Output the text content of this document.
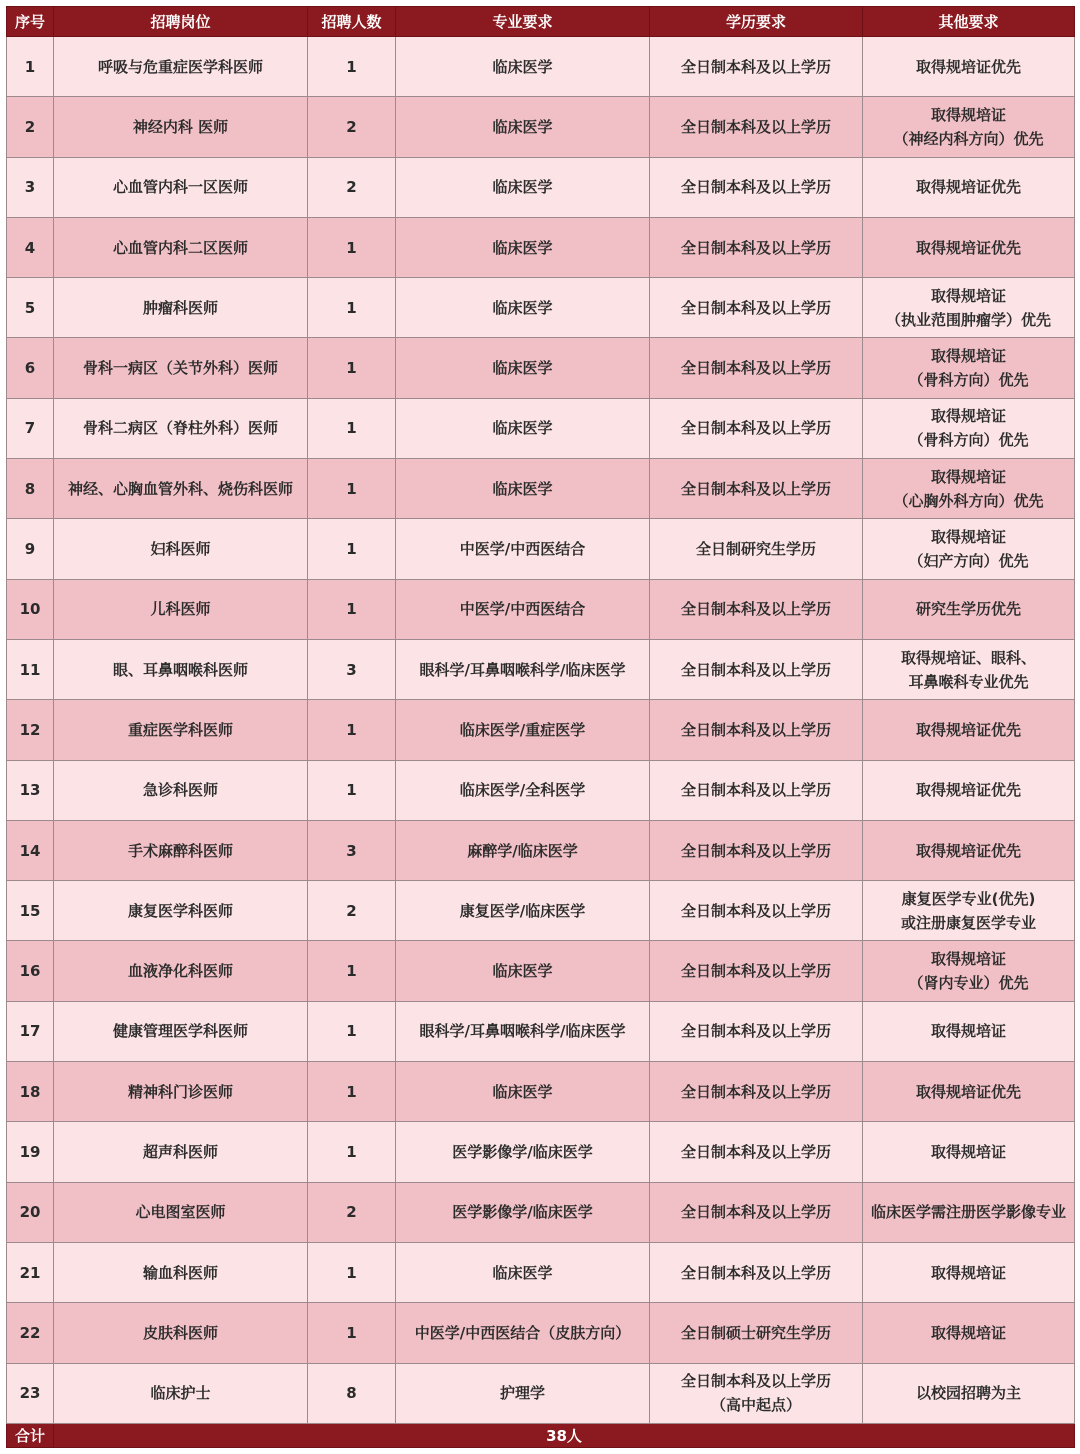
序号	招聘岗位	招聘人数	专业要求	学历要求	其他要求
1	呼吸与危重症医学科医师	1	临床医学	全日制本科及以上学历	取得规培证优先

2	神经内科 医师	2	临床医学	全日制本科及以上学历	取得规培证
（神经内科方向）优先

3	心血管内科一区医师	2	临床医学	全日制本科及以上学历	取得规培证优先

4	心血管内科二区医师	1	临床医学	全日制本科及以上学历	取得规培证优先

5	肿瘤科医师	1	临床医学	全日制本科及以上学历	取得规培证
（执业范围肿瘤学）优先

6	骨科一病区（关节外科）医师	1	临床医学	全日制本科及以上学历	取得规培证
（骨科方向）优先

7	骨科二病区（脊柱外科）医师	1	临床医学	全日制本科及以上学历	取得规培证
（骨科方向）优先

8	神经、心胸血管外科、烧伤科医师	1	临床医学	全日制本科及以上学历	取得规培证
（心胸外科方向）优先

9	妇科医师	1	中医学/中西医结合	全日制研究生学历	取得规培证
（妇产方向）优先

10	儿科医师	1	中医学/中西医结合	全日制本科及以上学历	研究生学历优先

11	眼、耳鼻咽喉科医师	3	眼科学/耳鼻咽喉科学/临床医学	全日制本科及以上学历	取得规培证、眼科、
耳鼻喉科专业优先

12	重症医学科医师	1	临床医学/重症医学	全日制本科及以上学历	取得规培证优先

13	急诊科医师	1	临床医学/全科医学	全日制本科及以上学历	取得规培证优先

14	手术麻醉科医师	3	麻醉学/临床医学	全日制本科及以上学历	取得规培证优先

15	康复医学科医师	2	康复医学/临床医学	全日制本科及以上学历	康复医学专业(优先)
或注册康复医学专业

16	血液净化科医师	1	临床医学	全日制本科及以上学历	取得规培证
（肾内专业）优先

17	健康管理医学科医师	1	眼科学/耳鼻咽喉科学/临床医学	全日制本科及以上学历	取得规培证

18	精神科门诊医师	1	临床医学	全日制本科及以上学历	取得规培证优先

19	超声科医师	1	医学影像学/临床医学	全日制本科及以上学历	取得规培证

20	心电图室医师	2	医学影像学/临床医学	全日制本科及以上学历	临床医学需注册医学影像专业

21	输血科医师	1	临床医学	全日制本科及以上学历	取得规培证

22	皮肤科医师	1	中医学/中西医结合（皮肤方向）	全日制硕士研究生学历	取得规培证

23	临床护士	8	护理学	全日制本科及以上学历
（高中起点）	以校园招聘为主

合计	38人				
